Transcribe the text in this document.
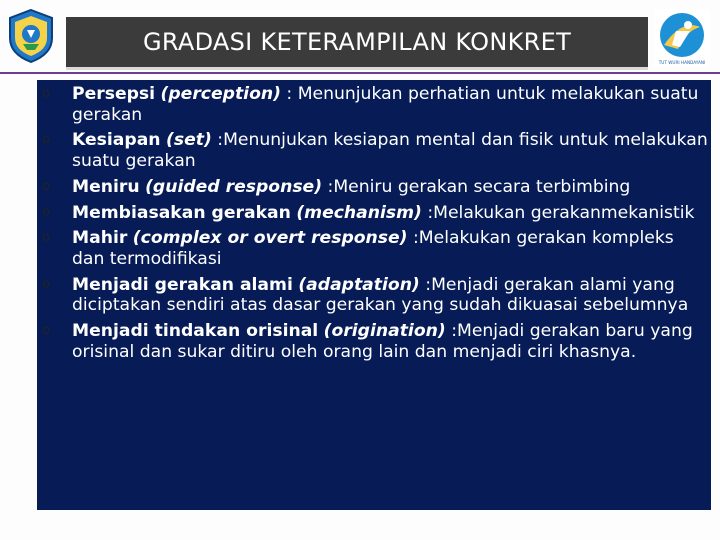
GRADASI KETERAMPILAN KONKRET
TUT WURI HANDAYANI
o Persepsi (perception) : Menunjukan perhatian untuk melakukan suatu gerakan
o Kesiapan (set) :Menunjukan kesiapan mental dan fisik untuk melakukan suatu gerakan
o Meniru (guided response) :Meniru gerakan secara terbimbing
o Membiasakan gerakan (mechanism) :Melakukan gerakanmekanistik
o Mahir (complex or overt response) :Melakukan gerakan kompleks dan termodifikasi
o Menjadi gerakan alami (adaptation) :Menjadi gerakan alami yang diciptakan sendiri atas dasar gerakan yang sudah dikuasai sebelumnya
o Menjadi tindakan orisinal (origination) :Menjadi gerakan baru yang orisinal dan sukar ditiru oleh orang lain dan menjadi ciri khasnya.
